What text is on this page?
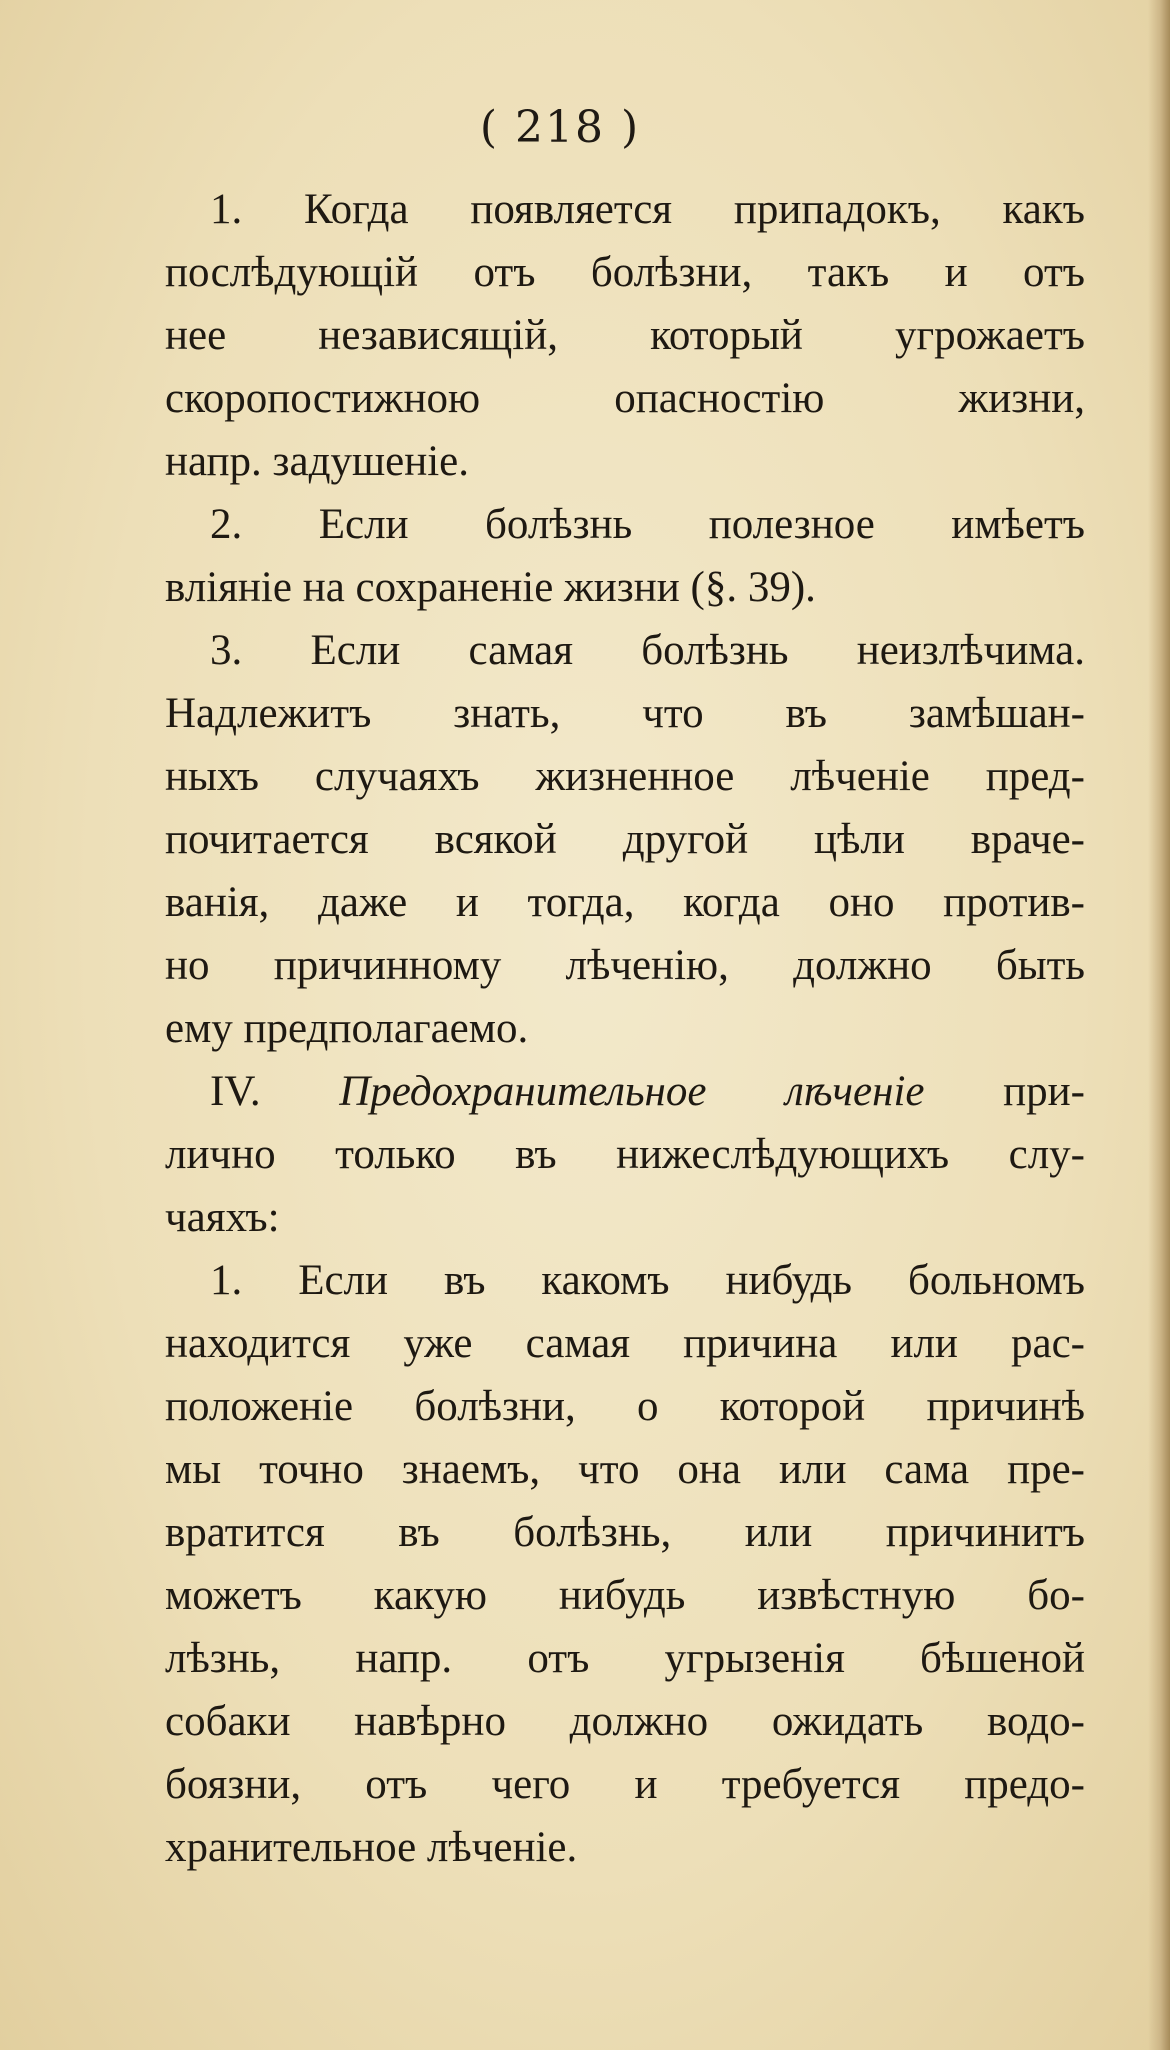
( 218 )
1. Когда появляется припадокъ, какъ
послѣдующій отъ болѣзни, такъ и отъ
нее независящій, который угрожаетъ
скоропостижною опасностію жизни,
напр. задушеніе.
2. Если болѣзнь полезное имѣетъ
вліяніе на сохраненіе жизни (§. 39).
3. Если самая болѣзнь неизлѣчима.
Надлежитъ знать, что въ замѣшан-
ныхъ случаяхъ жизненное лѣченіе пред-
почитается всякой другой цѣли враче-
ванія, даже и тогда, когда оно против-
но причинному лѣченію, должно быть
ему предполагаемо.
IV. Предохранительное лѣченіе при-
лично только въ нижеслѣдующихъ слу-
чаяхъ:
1. Если въ какомъ нибудь больномъ
находится уже самая причина или рас-
положеніе болѣзни, о которой причинѣ
мы точно знаемъ, что она или сама пре-
вратится въ болѣзнь, или причинитъ
можетъ какую нибудь извѣстную бо-
лѣзнь, напр. отъ угрызенія бѣшеной
собаки навѣрно должно ожидать водо-
боязни, отъ чего и требуется предо-
хранительное лѣченіе.
